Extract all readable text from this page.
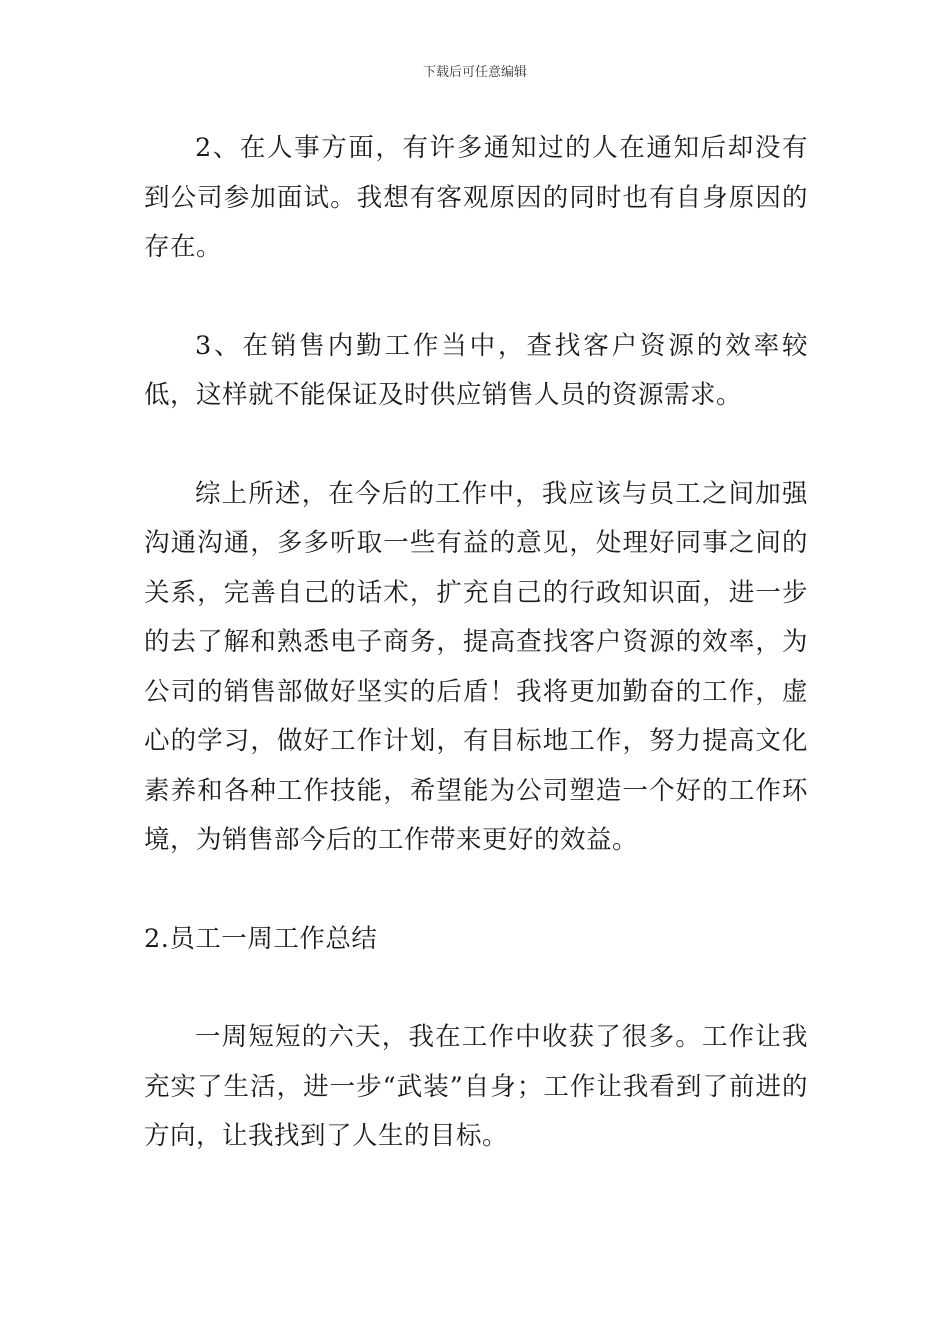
下载后可任意编辑

2、在人事方面，有许多通知过的人在通知后却没有到公司参加面试。我想有客观原因的同时也有自身原因的存在。

3、在销售内勤工作当中，查找客户资源的效率较低，这样就不能保证及时供应销售人员的资源需求。

综上所述，在今后的工作中，我应该与员工之间加强沟通沟通，多多听取一些有益的意见，处理好同事之间的关系，完善自己的话术，扩充自己的行政知识面，进一步的去了解和熟悉电子商务，提高查找客户资源的效率，为公司的销售部做好坚实的后盾！我将更加勤奋的工作，虚心的学习，做好工作计划，有目标地工作，努力提高文化素养和各种工作技能，希望能为公司塑造一个好的工作环境，为销售部今后的工作带来更好的效益。

2.员工一周工作总结

一周短短的六天，我在工作中收获了很多。工作让我充实了生活，进一步“武装”自身；工作让我看到了前进的方向，让我找到了人生的目标。
